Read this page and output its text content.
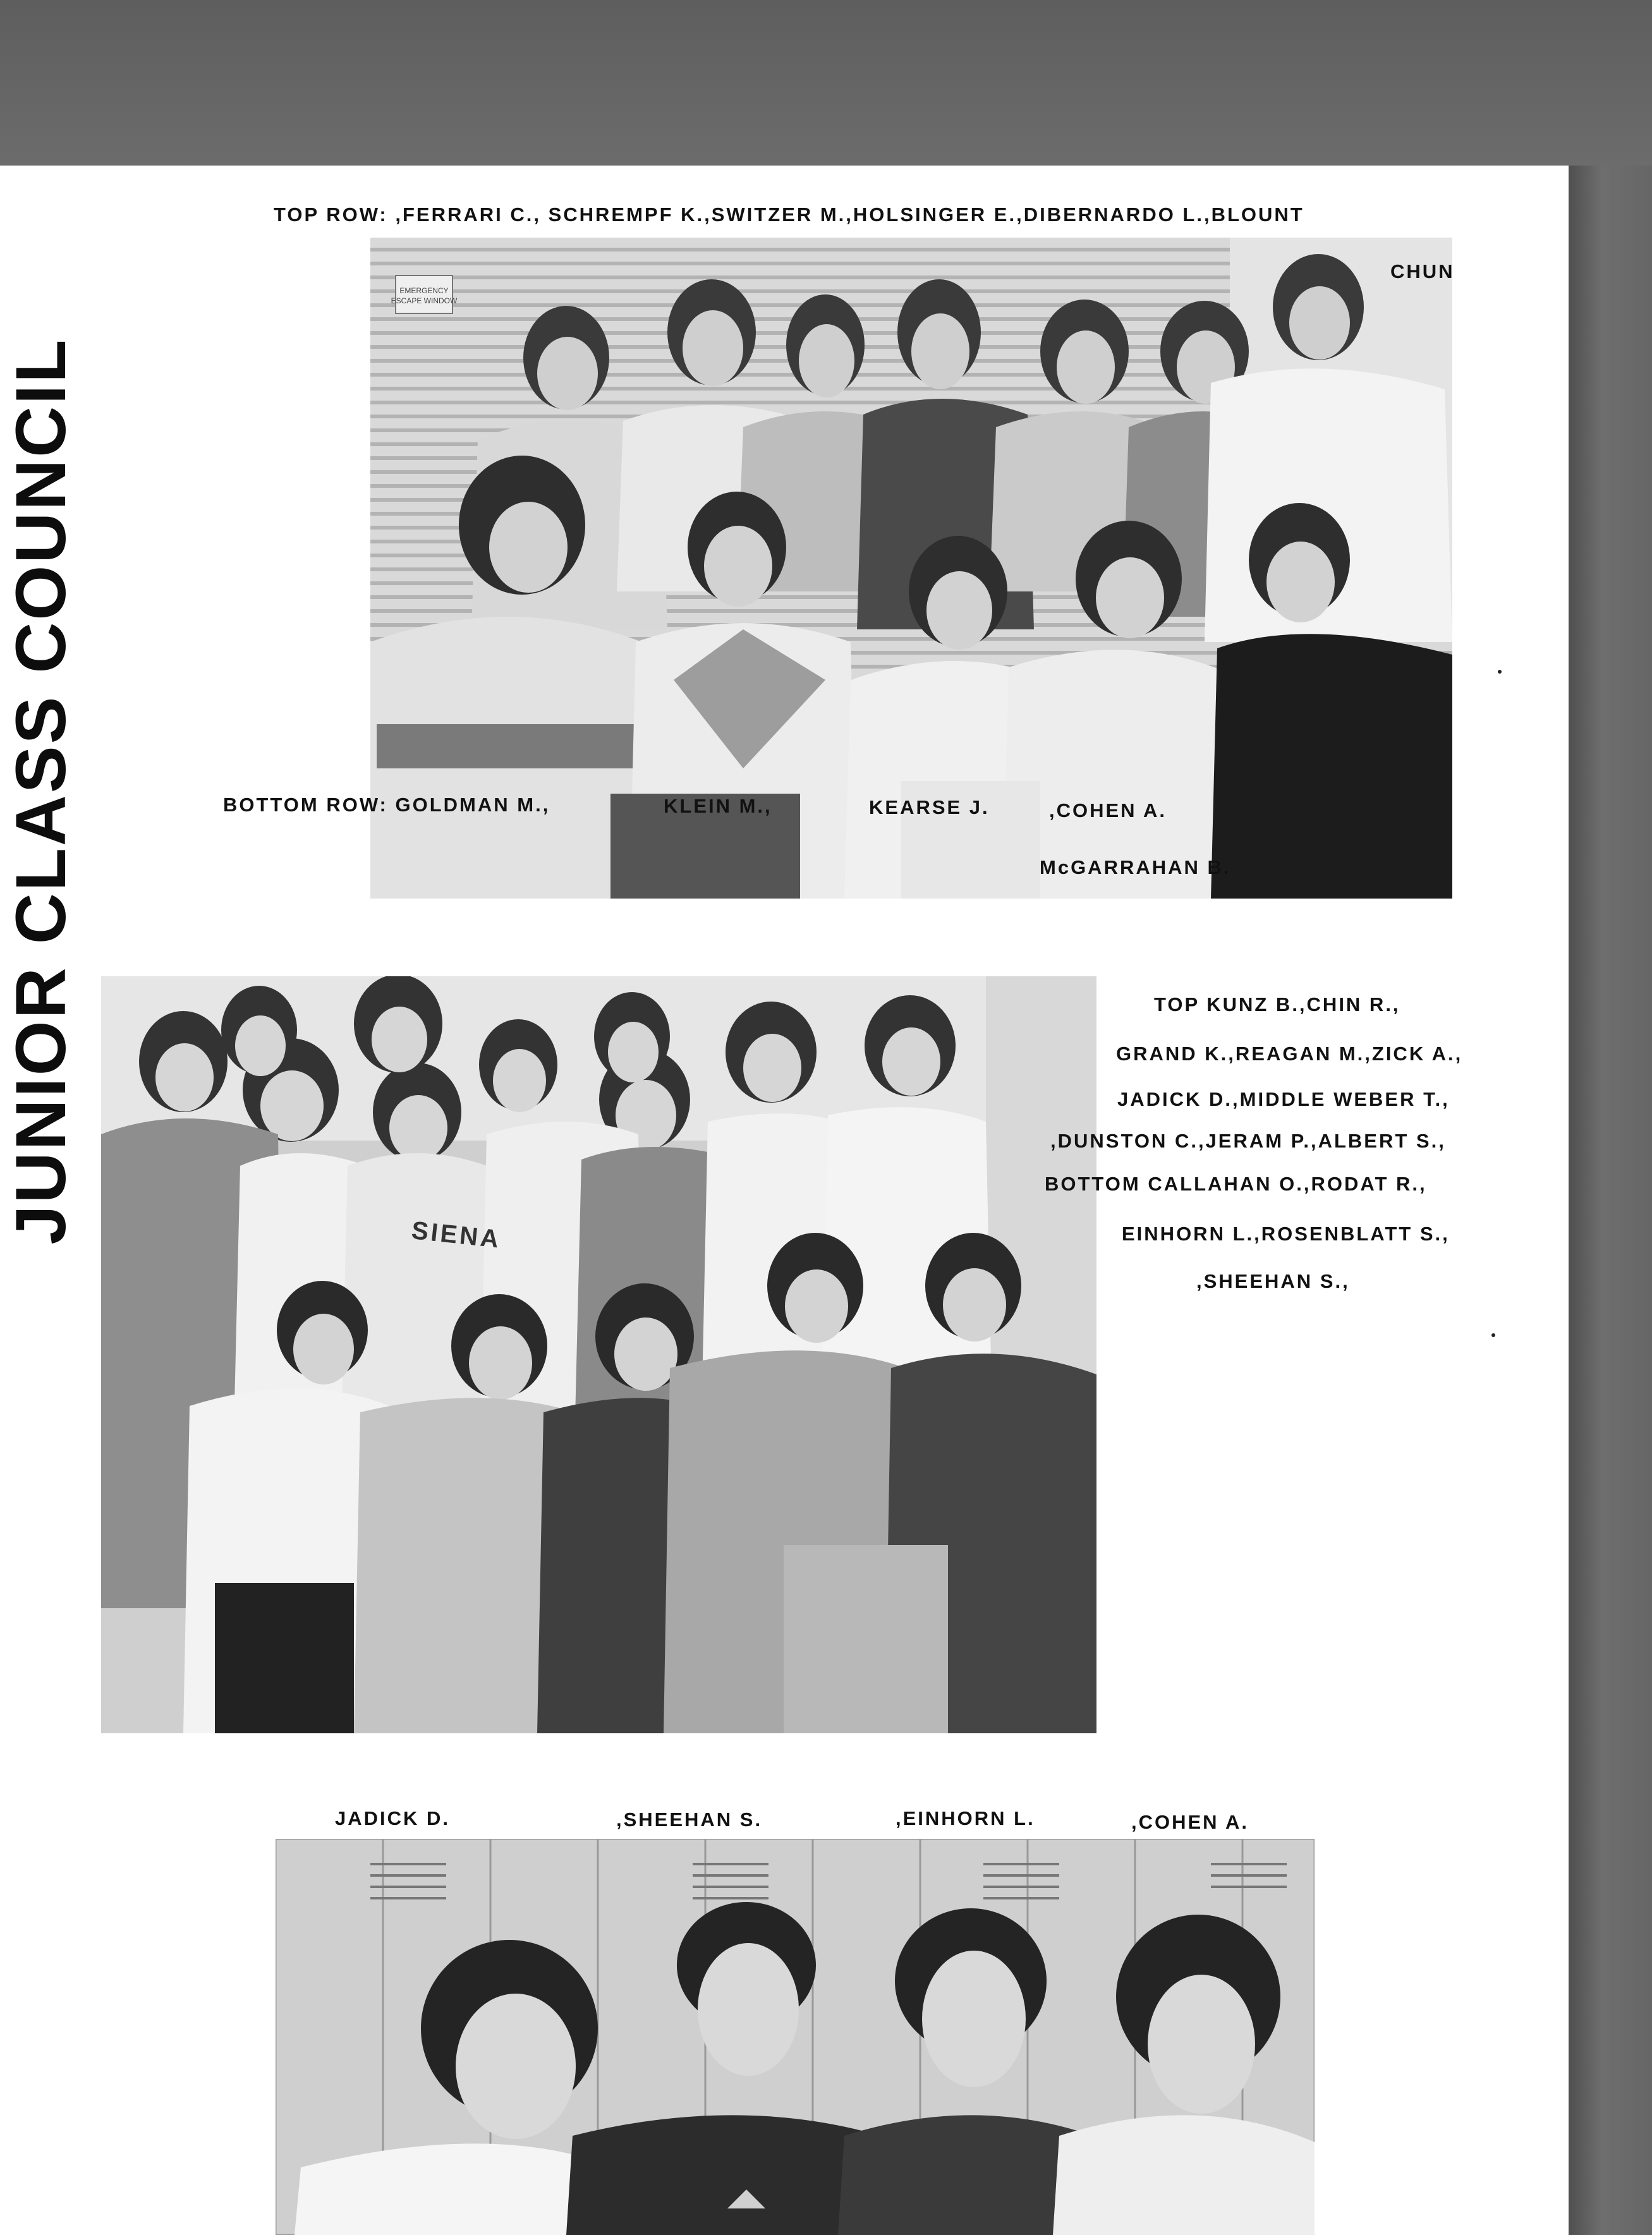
JUNIOR CLASS COUNCIL
EMERGENCY
ESCAPE WINDOW
TOP ROW: ,FERRARI C., SCHREMPF K.,SWITZER M.,HOLSINGER E.,DIBERNARDO L.,BLOUNT
CHUN
BOTTOM ROW: GOLDMAN M.,	KLEIN M.,	KEARSE J.	,COHEN A.
McGARRAHAN B.
SIENA
TOP KUNZ B.,CHIN R.,
GRAND K.,REAGAN M.,ZICK A.,
JADICK D.,MIDDLE WEBER T.,
,DUNSTON C.,JERAM P.,ALBERT S.,
BOTTOM CALLAHAN O.,RODAT R.,
EINHORN L.,ROSENBLATT S.,
,SHEEHAN S.,
JADICK D.	,SHEEHAN S.	,EINHORN L.	,COHEN A.
